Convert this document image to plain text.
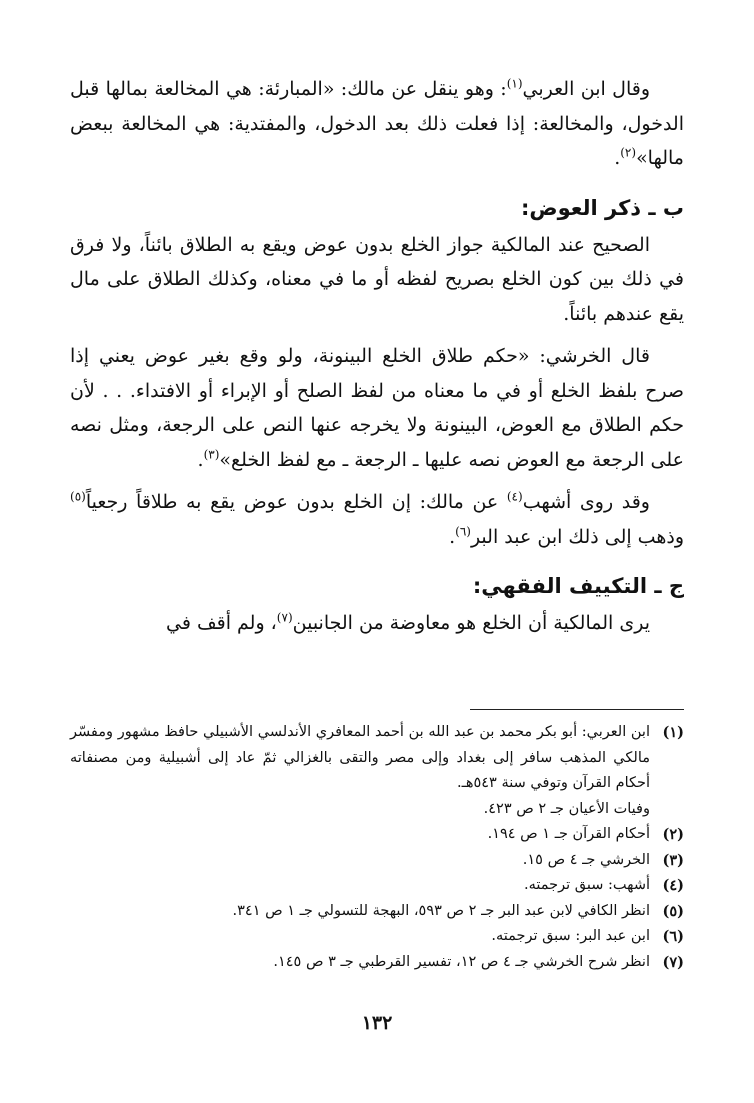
وقال ابن العربي$^{(١)}$: وهو ينقل عن مالك: «المبارئة: هي المخالعة بمالها قبل الدخول، والمخالعة: إذا فعلت ذلك بعد الدخول، والمفتدية: هي المخالعة ببعض مالها»$^{(٢)}$.

ب ـ ذكر العوض:

الصحيح عند المالكية جواز الخلع بدون عوض ويقع به الطلاق بائناً، ولا فرق في ذلك بين كون الخلع بصريح لفظه أو ما في معناه، وكذلك الطلاق على مال يقع عندهم بائناً.

قال الخرشي: «حكم طلاق الخلع البينونة، ولو وقع بغير عوض يعني إذا صرح بلفظ الخلع أو في ما معناه من لفظ الصلح أو الإبراء أو الافتداء. . . لأن حكم الطلاق مع العوض، البينونة ولا يخرجه عنها النص على الرجعة، ومثل نصه على الرجعة مع العوض نصه عليها ـ الرجعة ـ مع لفظ الخلع»$^{(٣)}$.

وقد روى أشهب$^{(٤)}$ عن مالك: إن الخلع بدون عوض يقع به طلاقاً رجعياً$^{(٥)}$ وذهب إلى ذلك ابن عبد البر$^{(٦)}$.

ج ـ التكييف الفقهي:

يرى المالكية أن الخلع هو معاوضة من الجانبين$^{(٧)}$، ولم أقف في

(١)
ابن العربي: أبو بكر محمد بن عبد الله بن أحمد المعافري الأندلسي الأشبيلي حافظ مشهور ومفسّر مالكي المذهب سافر إلى بغداد وإلى مصر والتقى بالغزالي ثمّ عاد إلى أشبيلية ومن مصنفاته أحكام القرآن وتوفي سنة ٥٤٣هـ.
وفيات الأعيان جـ ٢ ص ٤٢٣.
(٢)
أحكام القرآن جـ ١ ص ١٩٤.
(٣)
الخرشي جـ ٤ ص ١٥.
(٤)
أشهب: سبق ترجمته.
(٥)
انظر الكافي لابن عبد البر جـ ٢ ص ٥٩٣، البهجة للتسولي جـ ١ ص ٣٤١.
(٦)
ابن عبد البر: سبق ترجمته.
(٧)
انظر شرح الخرشي جـ ٤ ص ١٢، تفسير القرطبي جـ ٣ ص ١٤٥.
١٣٢
